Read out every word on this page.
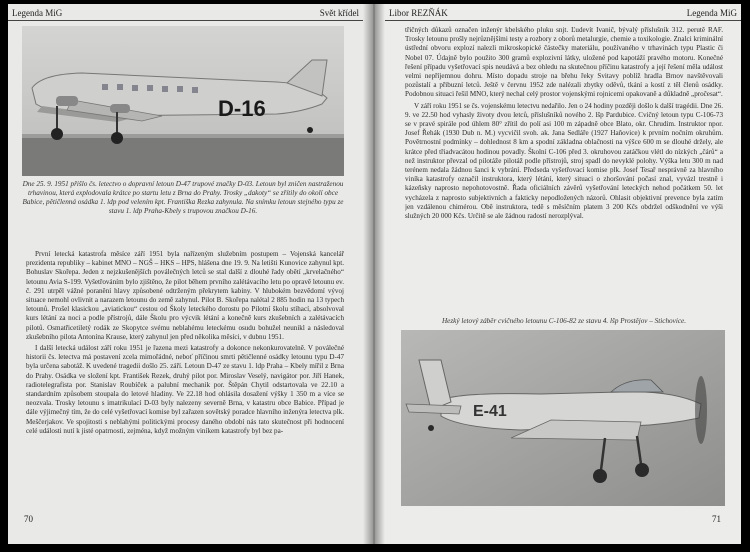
Legenda MiG	Svět křídel
D-16
Dne 25. 9. 1951 přišlo čs. letectvo o dopravní letoun D-47 trupové značky D-03. Letoun byl zničen nastraženou trhavinou, která explodovala krátce po startu letu z Brna do Prahy. Trosky „dakoty“ se zřítily do okolí obce Babice, pětičlenná osádka 1. ldp pod velením kpt. Františka Rezka zahynula. Na snímku letoun stejného typu ze stavu 1. ldp Praha-Kbely s trupovou značkou D-16.

První letecká katastrofa měsíce září 1951 byla nařízeným služebním postupem – Vojenská kancelář prezidenta republiky – kabinet MNO – NGŠ – HKS – HPS, hlášena dne 19. 9. Na letišti Kunovice zahynul kpt. Bohuslav Skořepa. Jeden z nejzkušenějších poválečných letců se stal další z dlouhé řady obětí „krvelačného“ letounu Avia S-199. Vyšetřováním bylo zjištěno, že pilot během prvního zalétávacího letu po opravě letounu ev. č. 291 utrpěl vážné poranění hlavy způsobené odtrženým překrytem kabiny. V hlubokém bezvědomí vývoj situace nemohl ovlivnit a narazem letounu do země zahynul. Pilot B. Skořepa nalétal 2 885 hodin na 13 typech letounů. Prošel klasickou „aviatickou“ cestou od Školy leteckého dorostu po Pilotní školu stíhací, absolvoval kurs létání za noci a podle přístrojů, dále Školu pro výcvik létání a konečně kurs zkušebních a zalétávacích pilotů. Osmatřicetiletý rodák ze Skopytce svému neblahému leteckému osudu bohužel neunikl a následoval zkušebního pilota Antonína Krause, který zahynul jen před několika měsíci, v dubnu 1951.

I další letecká událost září roku 1951 je řazena mezi katastrofy a dokonce nekonkurovatelně. V poválečné historii čs. letectva má postavení zcela mimořádné, neboť příčinou smrti pětičlenné osádky letounu typu D-47 byla určena sabotáž. K uvedené tragedii došlo 25. září. Letoun D-47 ze stavu 1. ldp Praha – Kbely mířil z Brna do Prahy. Osádka ve složení kpt. František Rezek, druhý pilot por. Miroslav Veselý, navigátor por. Jiří Hanek, radiotelegrafista por. Stanislav Roubíček a palubní mechanik por. Štěpán Chytil odstartovala ve 22.10 a standardním způsobem stoupala do letové hladiny. Ve 22.18 hod ohlásila dosažení výšky 1 350 m a více se neozvala. Trosky letounu s imatrikulací D-03 byly nalezeny severně Brna, v katastru obce Babice. Případ je dále výjimečný tím, že do celé vyšetřovací komise byl zařazen sovětský poradce hlavního inženýra letectva plk. Meščerjakov. Ve spojitosti s neblahými politickými procesy daného období nás tato skutečnost při hodnocení celé události nutí k jisté opatrnosti, zejména, když možným viníkem katastrofy byl bez pa-

70
Libor REZŇÁK	Legenda MiG

třičných důkazů označen inženýr kbelského pluku snjt. Ľudevít Ivanič, bývalý příslušník 312. perutě RAF. Trosky letounu prošly nejrůznějšími testy a rozbory z oborů metalurgie, chemie a toxikologie. Znalci kriminální ústřední obvoru explozí nalezli mikroskopické částečky materiálu, používaného v trhavinách typu Plastic či Nobel 07. Údajně bylo použito 300 gramů explozivní látky, uložené pod kapotáží pravého motoru. Konečné řešení případu vyšetřovací spis neudává a bez ohledu na skutečnou příčinu katastrofy a její řešení měla událost velmi nepříjemnou dohru. Místo dopadu stroje na břehu řeky Svitavy poblíž hradla Brnov navštěvovali pozůstalí a přibuzní letců. Ještě v červnu 1952 zde nalézali zbytky oděvů, tkání a kostí z těl členů osádky. Podobnou situaci řešil MNO, který nechal celý prostor vojenskými rojnicemi opakovaně a důkladně „pročesat“.

V září roku 1951 se čs. vojenskému letectvu nedařilo. Jen o 24 hodiny později došlo k další tragédii. Dne 26. 9. ve 22.50 hod vyhasly životy dvou letců, příslušníků nového 2. lšp Pardubice. Cvičný letoun typu C-106-73 se v pravé spirále pod úhlem 80° zřítil do polí asi 100 m západně obce Blato, okr. Chrudim. Instruktor npor. Josef Řehák (1930 Dub n. M.) vycvičil svoh. ak. Jana Sedláře (1927 Haňovice) k prvním nočním okruhům. Povětrnostní podmínky – dohlednost 8 km a spodní základna oblačnosti na výšce 600 m se dlouhé držely, ale krátce před třiadvacátou hodinou povadly. Školní C-106 před 3. okruhovou zatáčkou vlétl do nízkých „čárů“ a než instruktor převzal od pilotáže pilotáž podle přístrojů, stroj spadl do nevyklé polohy. Výška letu 300 m nad terénem nedala žádnou šanci k vybrání. Předseda vyšetřovací komise plk. Josef Tesař nesprávně za hlavního viníka katastrofy označil instruktora, který létání, který situaci o zhoršování počasí znal, vyvázl trestně i kázeňsky naprosto nepohotovostně. Řada oficiálních závěrů vyšetřování leteckých nehod počátkem 50. let vycházela z naprosto subjektivních a fakticky nepodložených názorů. Ohlasit objektivní prevence byla zatím jen vzdálenou chimérou. Obě instruktora, tedě s měsíčním platem 3 200 Kčs obdržel odškodnění ve výši služných 20 000 Kčs. Určitě se ale žádnou radostí nerozplýval.

Hezký letový záběr cvičného letounu C-106-82 ze stavu 4. lšp Prostějov – Stichovice.
E-41
71
